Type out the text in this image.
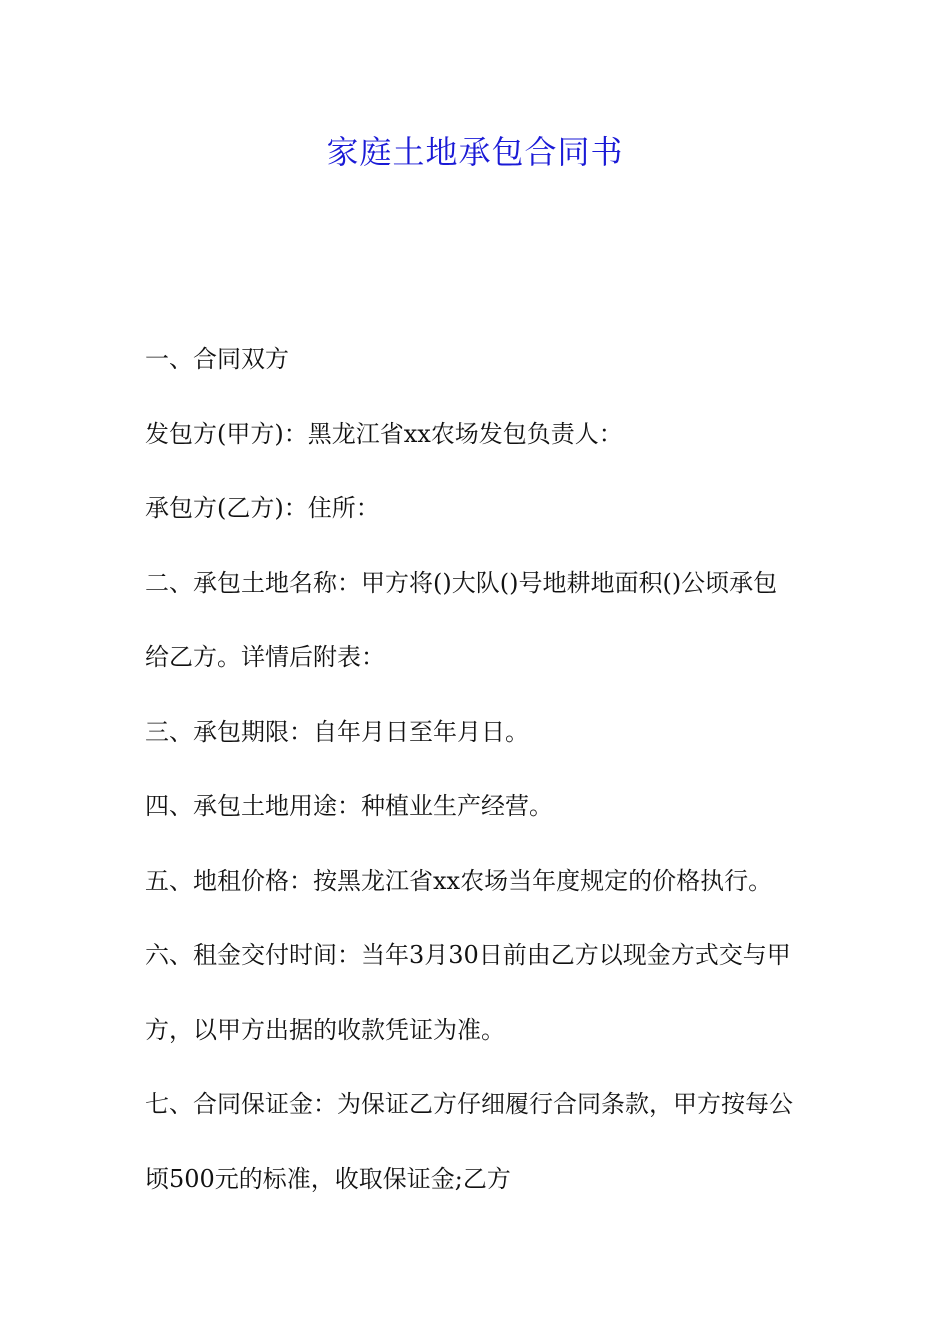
家庭土地承包合同书
一、合同双方
发包方(甲方)：黑龙江省xx农场发包负责人：
承包方(乙方)：住所：
二、承包土地名称：甲方将()大队()号地耕地面积()公顷承包
给乙方。详情后附表：
三、承包期限：自年月日至年月日。
四、承包土地用途：种植业生产经营。
五、地租价格：按黑龙江省xx农场当年度规定的价格执行。
六、租金交付时间：当年3月30日前由乙方以现金方式交与甲
方，以甲方出据的收款凭证为准。
七、合同保证金：为保证乙方仔细履行合同条款，甲方按每公
顷500元的标准，收取保证金;乙方
